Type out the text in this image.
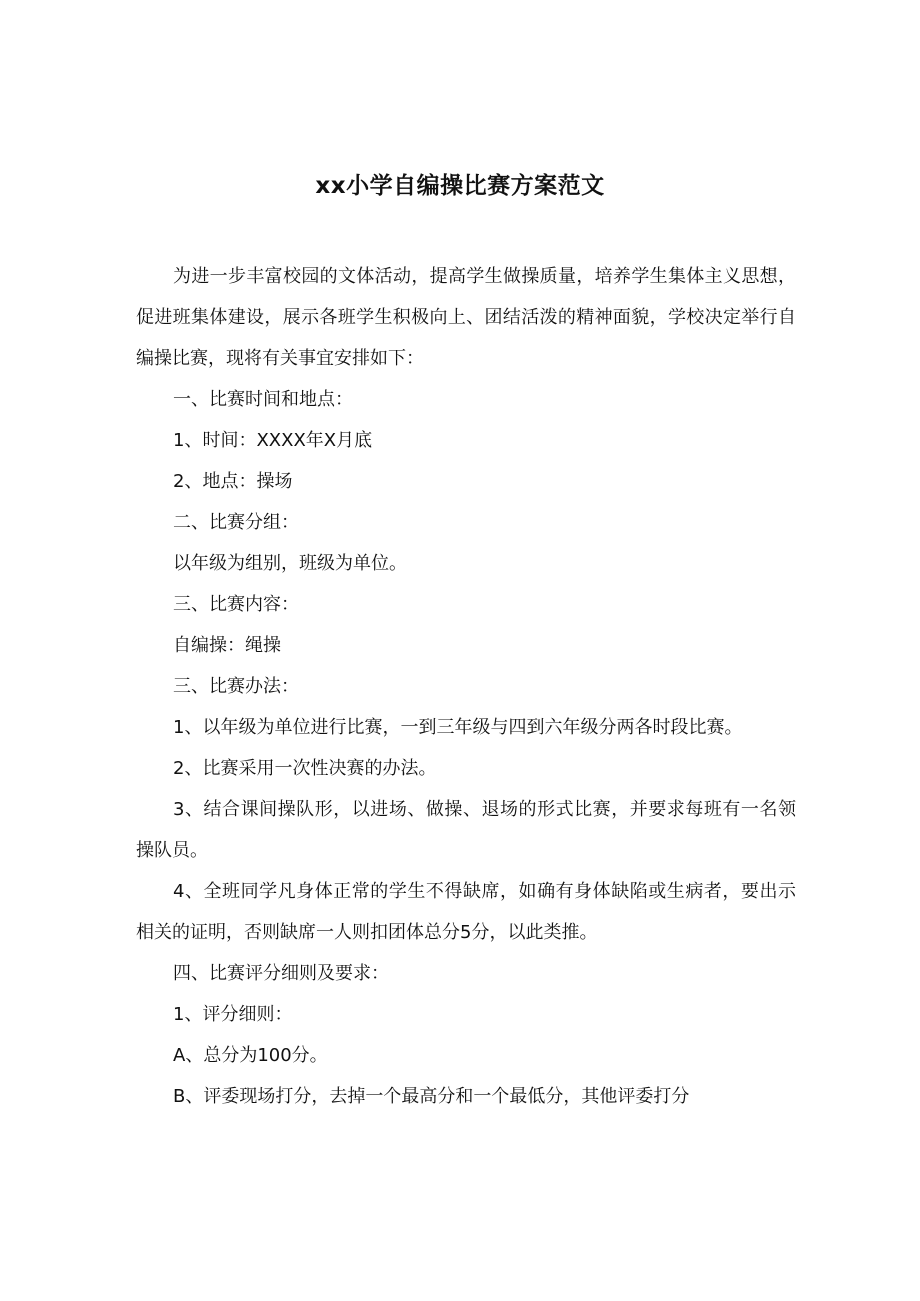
xx小学自编操比赛方案范文

为进一步丰富校园的文体活动，提高学生做操质量，培养学生集体主义思想，促进班集体建设，展示各班学生积极向上、团结活泼的精神面貌，学校决定举行自编操比赛，现将有关事宜安排如下：

一、比赛时间和地点：

1、时间：XXXX年X月底

2、地点：操场

二、比赛分组：

以年级为组别，班级为单位。

三、比赛内容：

自编操：绳操

三、比赛办法：

1、以年级为单位进行比赛，一到三年级与四到六年级分两各时段比赛。

2、比赛采用一次性决赛的办法。

3、结合课间操队形，以进场、做操、退场的形式比赛，并要求每班有一名领操队员。

4、全班同学凡身体正常的学生不得缺席，如确有身体缺陷或生病者，要出示相关的证明，否则缺席一人则扣团体总分5分，以此类推。

四、比赛评分细则及要求：

1、评分细则：

A、总分为100分。

B、评委现场打分，去掉一个最高分和一个最低分，其他评委打分
